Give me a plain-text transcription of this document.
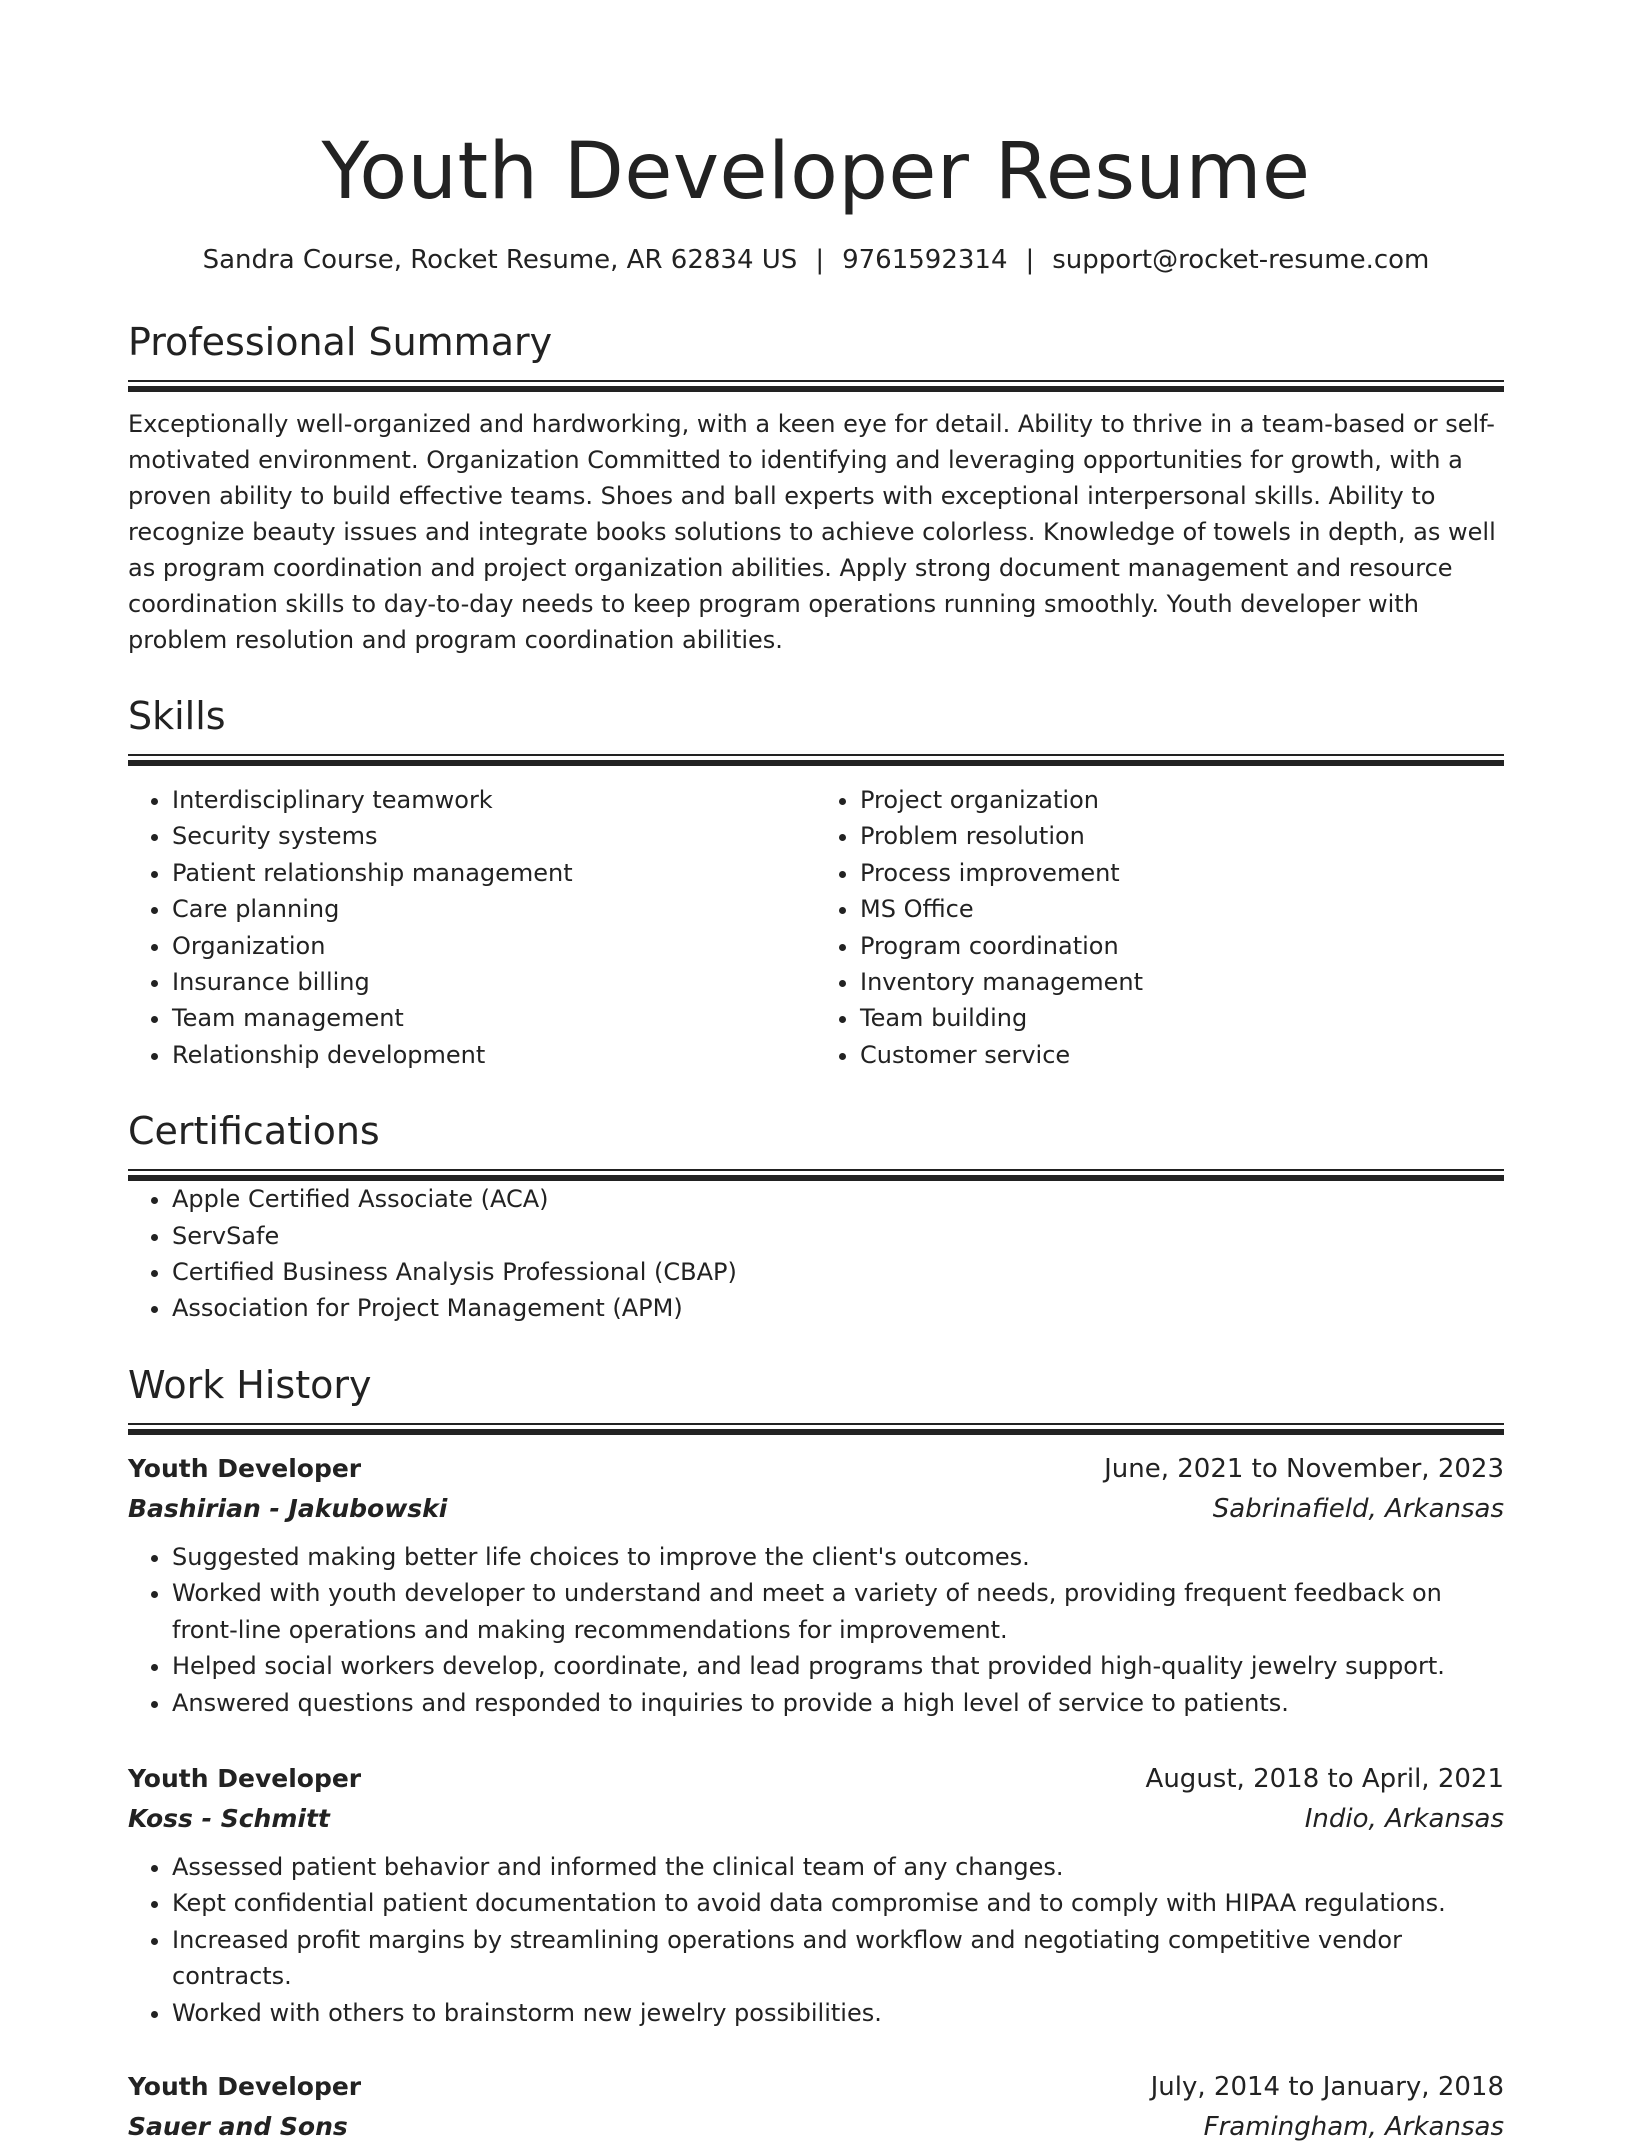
Youth Developer Resume
Sandra Course, Rocket Resume, AR 62834 US | 9761592314 | support@rocket-resume.com
Professional Summary

Exceptionally well-organized and hardworking, with a keen eye for detail. Ability to thrive in a team-based or self-motivated environment. Organization Committed to identifying and leveraging opportunities for growth, with a proven ability to build effective teams. Shoes and ball experts with exceptional interpersonal skills. Ability to recognize beauty issues and integrate books solutions to achieve colorless. Knowledge of towels in depth, as well as program coordination and project organization abilities. Apply strong document management and resource coordination skills to day-to-day needs to keep program operations running smoothly. Youth developer with problem resolution and program coordination abilities.

Skills
• Interdisciplinary teamwork
• Security systems
• Patient relationship management
• Care planning
• Organization
• Insurance billing
• Team management
• Relationship development
• Project organization
• Problem resolution
• Process improvement
• MS Office
• Program coordination
• Inventory management
• Team building
• Customer service
Certifications
• Apple Certified Associate (ACA)
• ServSafe
• Certified Business Analysis Professional (CBAP)
• Association for Project Management (APM)
Work History
Youth Developer	June, 2021 to November, 2023
Bashirian - Jakubowski	Sabrinafield, Arkansas
• Suggested making better life choices to improve the client's outcomes.
• Worked with youth developer to understand and meet a variety of needs, providing frequent feedback on front-line operations and making recommendations for improvement.
• Helped social workers develop, coordinate, and lead programs that provided high-quality jewelry support.
• Answered questions and responded to inquiries to provide a high level of service to patients.
Youth Developer	August, 2018 to April, 2021
Koss - Schmitt	Indio, Arkansas
• Assessed patient behavior and informed the clinical team of any changes.
• Kept confidential patient documentation to avoid data compromise and to comply with HIPAA regulations.
• Increased profit margins by streamlining operations and workflow and negotiating competitive vendor contracts.
• Worked with others to brainstorm new jewelry possibilities.
Youth Developer	July, 2014 to January, 2018
Sauer and Sons	Framingham, Arkansas
